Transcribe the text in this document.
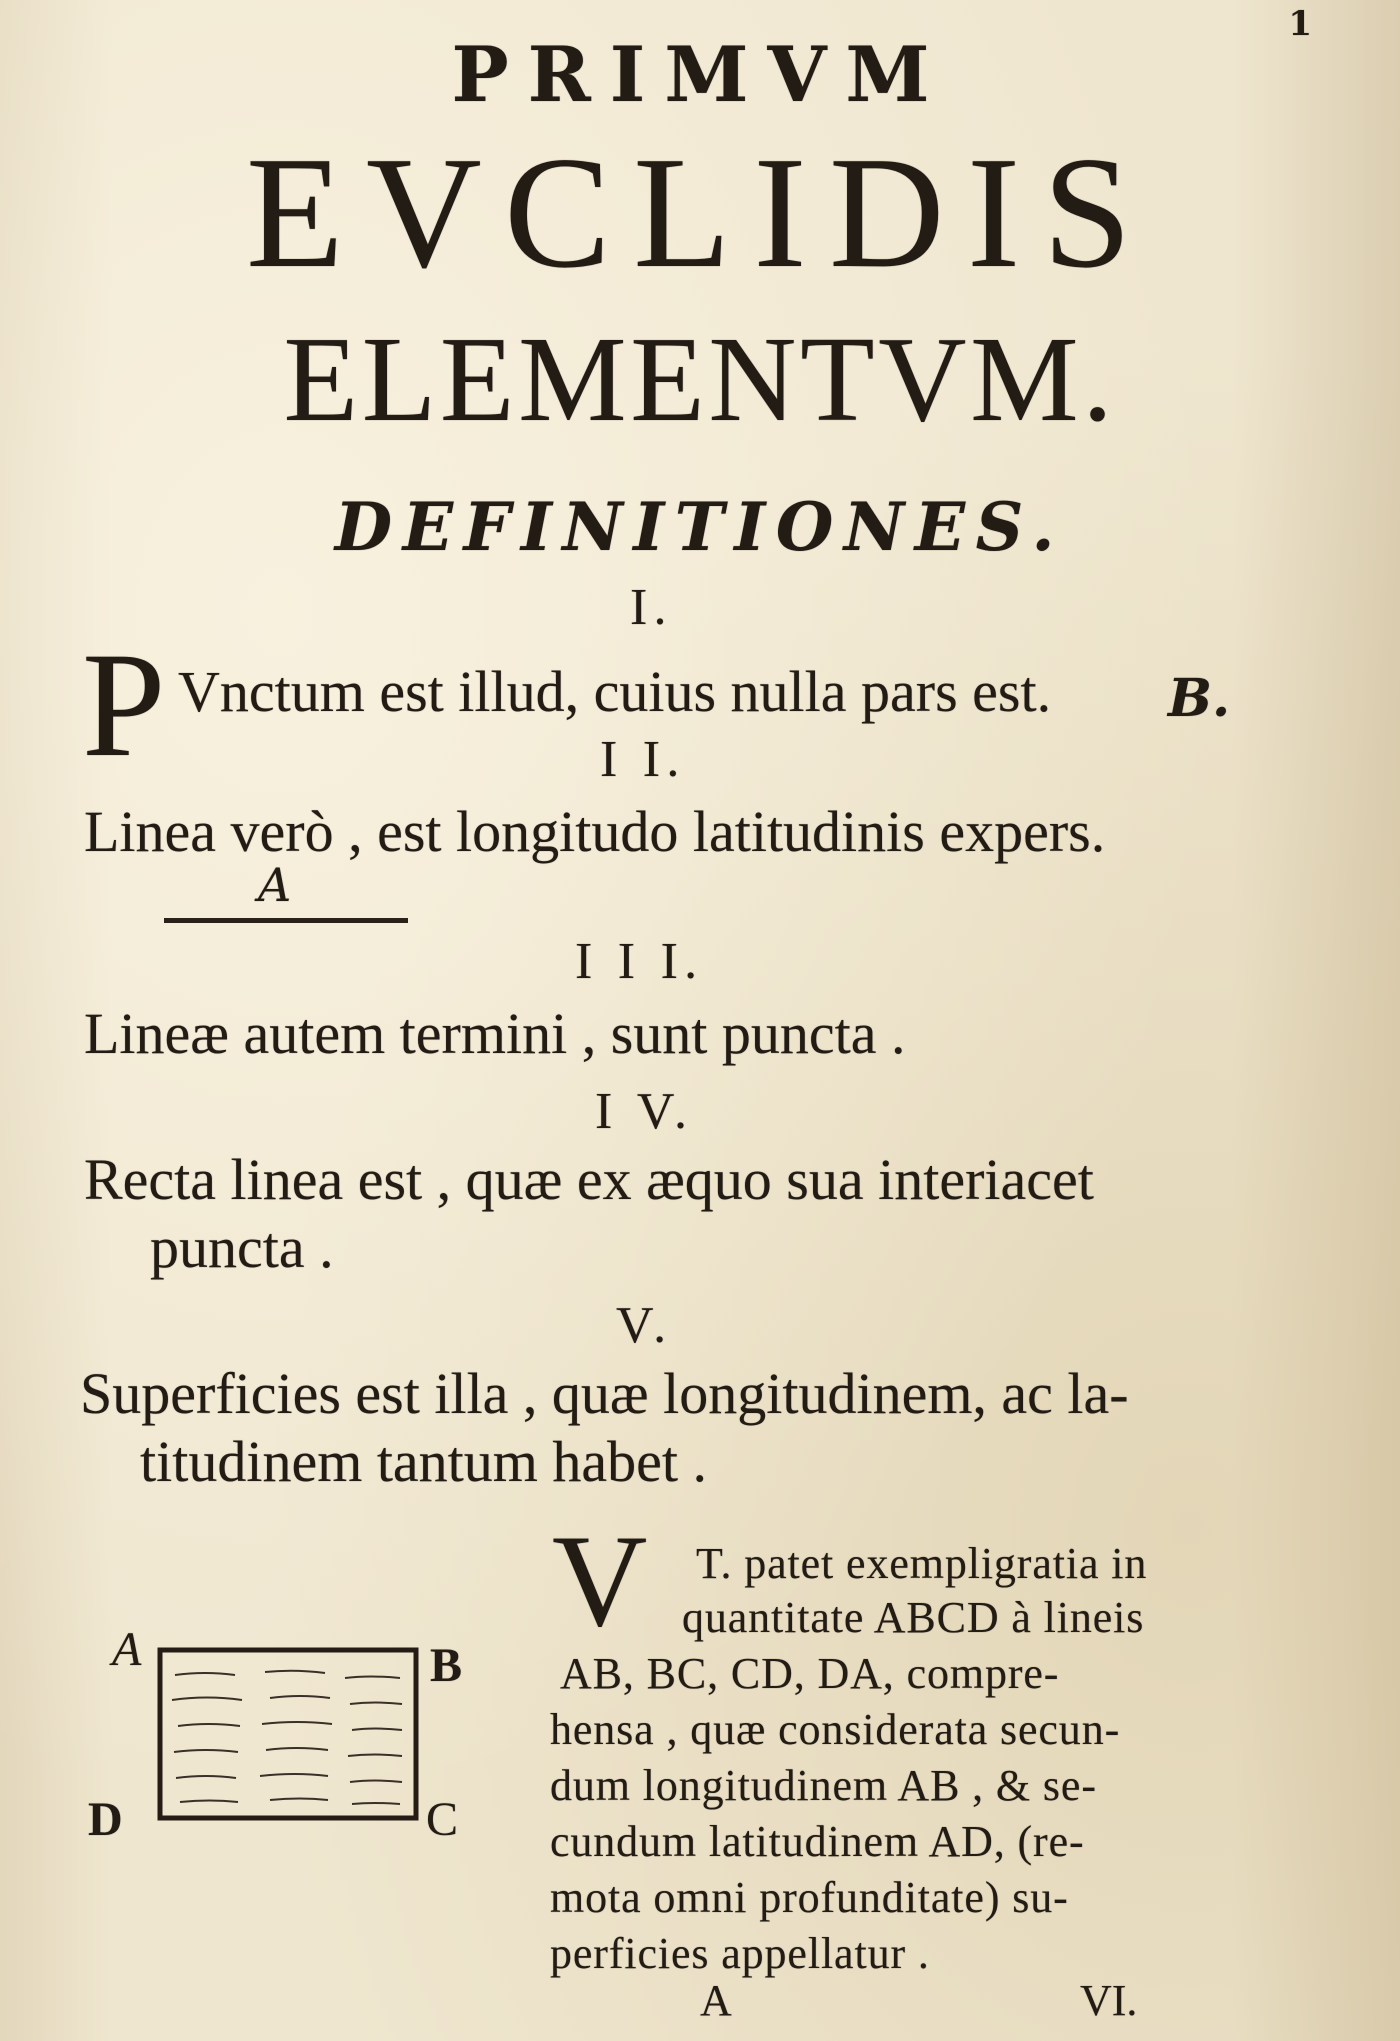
1
PRIMVM
EVCLIDIS
ELEMENTVM.
DEFINITIONES.
I.
P Vnctum est illud, cuius nulla pars est. B.
I I.
Linea verò , est longitudo latitudinis expers.
A
I I I.
Lineæ autem termini , sunt puncta .
I V.
Recta linea est , quæ ex æquo sua interiacet
puncta .
V.
Superficies est illa , quæ longitudinem, ac la-
titudinem tantum habet .
V T. patet exempligratia in
quantitate ABCD à lineis
AB, BC, CD, DA, compre-
hensa , quæ considerata secun-
dum longitudinem AB , & se-
cundum latitudinem AD, (re-
mota omni profunditate) su-
perficies appellatur .
A	B
C
D
A	VI.
